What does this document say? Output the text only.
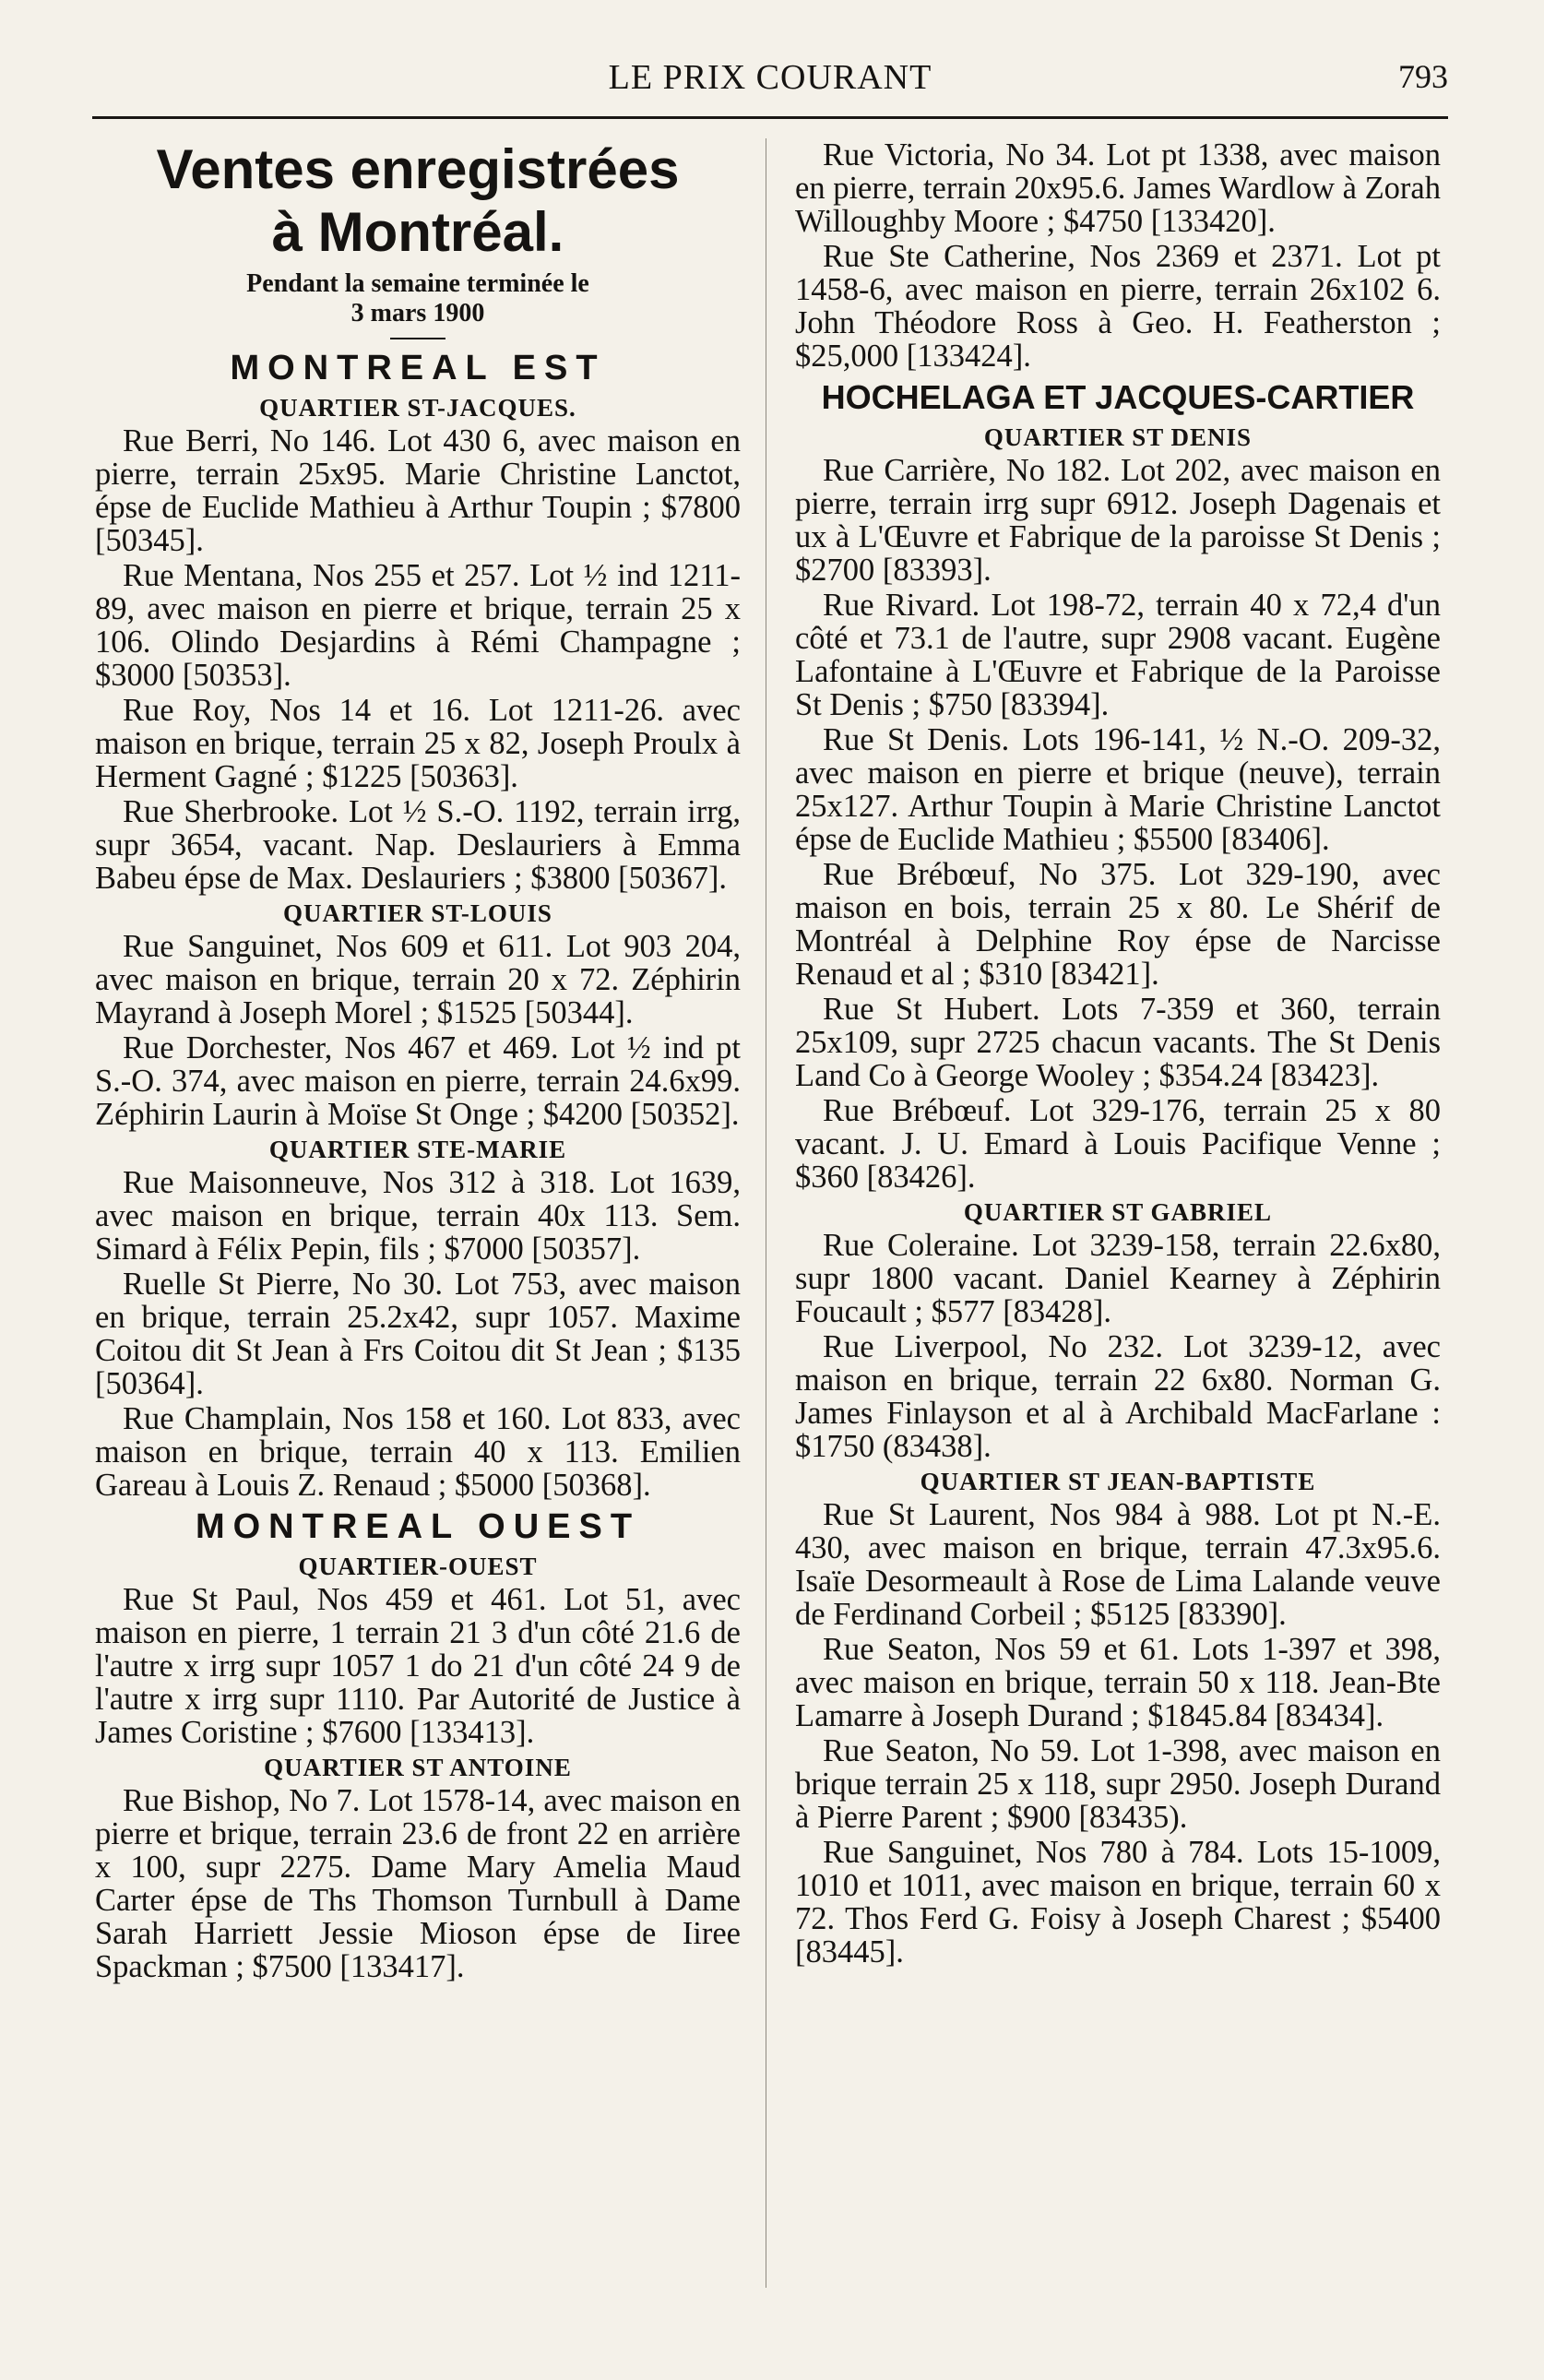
LE PRIX COURANT	793
Ventes enregistrées
à Montréal.

Pendant la semaine terminée le
3 mars 1900

MONTREAL EST
QUARTIER ST-JACQUES.

Rue Berri, No 146. Lot 430 6, avec maison en pierre, terrain 25x95. Marie Christine Lanctot, épse de Euclide Mathieu à Arthur Toupin ; $7800 [50345].

Rue Mentana, Nos 255 et 257. Lot ½ ind 1211-89, avec maison en pierre et brique, terrain 25 x 106. Olindo Desjardins à Rémi Champagne ; $3000 [50353].

Rue Roy, Nos 14 et 16. Lot 1211-26. avec maison en brique, terrain 25 x 82, Joseph Proulx à Herment Gagné ; $1225 [50363].

Rue Sherbrooke. Lot ½ S.-O. 1192, terrain irrg, supr 3654, vacant. Nap. Deslauriers à Emma Babeu épse de Max. Deslauriers ; $3800 [50367].

QUARTIER ST-LOUIS

Rue Sanguinet, Nos 609 et 611. Lot 903 204, avec maison en brique, terrain 20 x 72. Zéphirin Mayrand à Joseph Morel ; $1525 [50344].

Rue Dorchester, Nos 467 et 469. Lot ½ ind pt S.-O. 374, avec maison en pierre, terrain 24.6x99. Zéphirin Laurin à Moïse St Onge ; $4200 [50352].

QUARTIER STE-MARIE

Rue Maisonneuve, Nos 312 à 318. Lot 1639, avec maison en brique, terrain 40x 113. Sem. Simard à Félix Pepin, fils ; $7000 [50357].

Ruelle St Pierre, No 30. Lot 753, avec maison en brique, terrain 25.2x42, supr 1057. Maxime Coitou dit St Jean à Frs Coitou dit St Jean ; $135 [50364].

Rue Champlain, Nos 158 et 160. Lot 833, avec maison en brique, terrain 40 x 113. Emilien Gareau à Louis Z. Renaud ; $5000 [50368].

MONTREAL OUEST
QUARTIER-OUEST

Rue St Paul, Nos 459 et 461. Lot 51, avec maison en pierre, 1 terrain 21 3 d'un côté 21.6 de l'autre x irrg supr 1057 1 do 21 d'un côté 24 9 de l'autre x irrg supr 1110. Par Autorité de Justice à James Coristine ; $7600 [133413].

QUARTIER ST ANTOINE

Rue Bishop, No 7. Lot 1578-14, avec maison en pierre et brique, terrain 23.6 de front 22 en arrière x 100, supr 2275. Dame Mary Amelia Maud Carter épse de Ths Thomson Turnbull à Dame Sarah Harriett Jessie Mioson épse de Iiree Spackman ; $7500 [133417].

Rue Victoria, No 34. Lot pt 1338, avec maison en pierre, terrain 20x95.6. James Wardlow à Zorah Willoughby Moore ; $4750 [133420].

Rue Ste Catherine, Nos 2369 et 2371. Lot pt 1458-6, avec maison en pierre, terrain 26x102 6. John Théodore Ross à Geo. H. Featherston ; $25,000 [133424].

HOCHELAGA ET JACQUES-CARTIER
QUARTIER ST DENIS

Rue Carrière, No 182. Lot 202, avec maison en pierre, terrain irrg supr 6912. Joseph Dagenais et ux à L'Œuvre et Fabrique de la paroisse St Denis ; $2700 [83393].

Rue Rivard. Lot 198-72, terrain 40 x 72,4 d'un côté et 73.1 de l'autre, supr 2908 vacant. Eugène Lafontaine à L'Œuvre et Fabrique de la Paroisse St Denis ; $750 [83394].

Rue St Denis. Lots 196-141, ½ N.-O. 209-32, avec maison en pierre et brique (neuve), terrain 25x127. Arthur Toupin à Marie Christine Lanctot épse de Euclide Mathieu ; $5500 [83406].

Rue Brébœuf, No 375. Lot 329-190, avec maison en bois, terrain 25 x 80. Le Shérif de Montréal à Delphine Roy épse de Narcisse Renaud et al ; $310 [83421].

Rue St Hubert. Lots 7-359 et 360, terrain 25x109, supr 2725 chacun vacants. The St Denis Land Co à George Wooley ; $354.24 [83423].

Rue Brébœuf. Lot 329-176, terrain 25 x 80 vacant. J. U. Emard à Louis Pacifique Venne ; $360 [83426].

QUARTIER ST GABRIEL

Rue Coleraine. Lot 3239-158, terrain 22.6x80, supr 1800 vacant. Daniel Kearney à Zéphirin Foucault ; $577 [83428].

Rue Liverpool, No 232. Lot 3239-12, avec maison en brique, terrain 22 6x80. Norman G. James Finlayson et al à Archibald MacFarlane : $1750 (83438].

QUARTIER ST JEAN-BAPTISTE

Rue St Laurent, Nos 984 à 988. Lot pt N.-E. 430, avec maison en brique, terrain 47.3x95.6. Isaïe Desormeault à Rose de Lima Lalande veuve de Ferdinand Corbeil ; $5125 [83390].

Rue Seaton, Nos 59 et 61. Lots 1-397 et 398, avec maison en brique, terrain 50 x 118. Jean-Bte Lamarre à Joseph Durand ; $1845.84 [83434].

Rue Seaton, No 59. Lot 1-398, avec maison en brique terrain 25 x 118, supr 2950. Joseph Durand à Pierre Parent ; $900 [83435).

Rue Sanguinet, Nos 780 à 784. Lots 15-1009, 1010 et 1011, avec maison en brique, terrain 60 x 72. Thos Ferd G. Foisy à Joseph Charest ; $5400 [83445].
